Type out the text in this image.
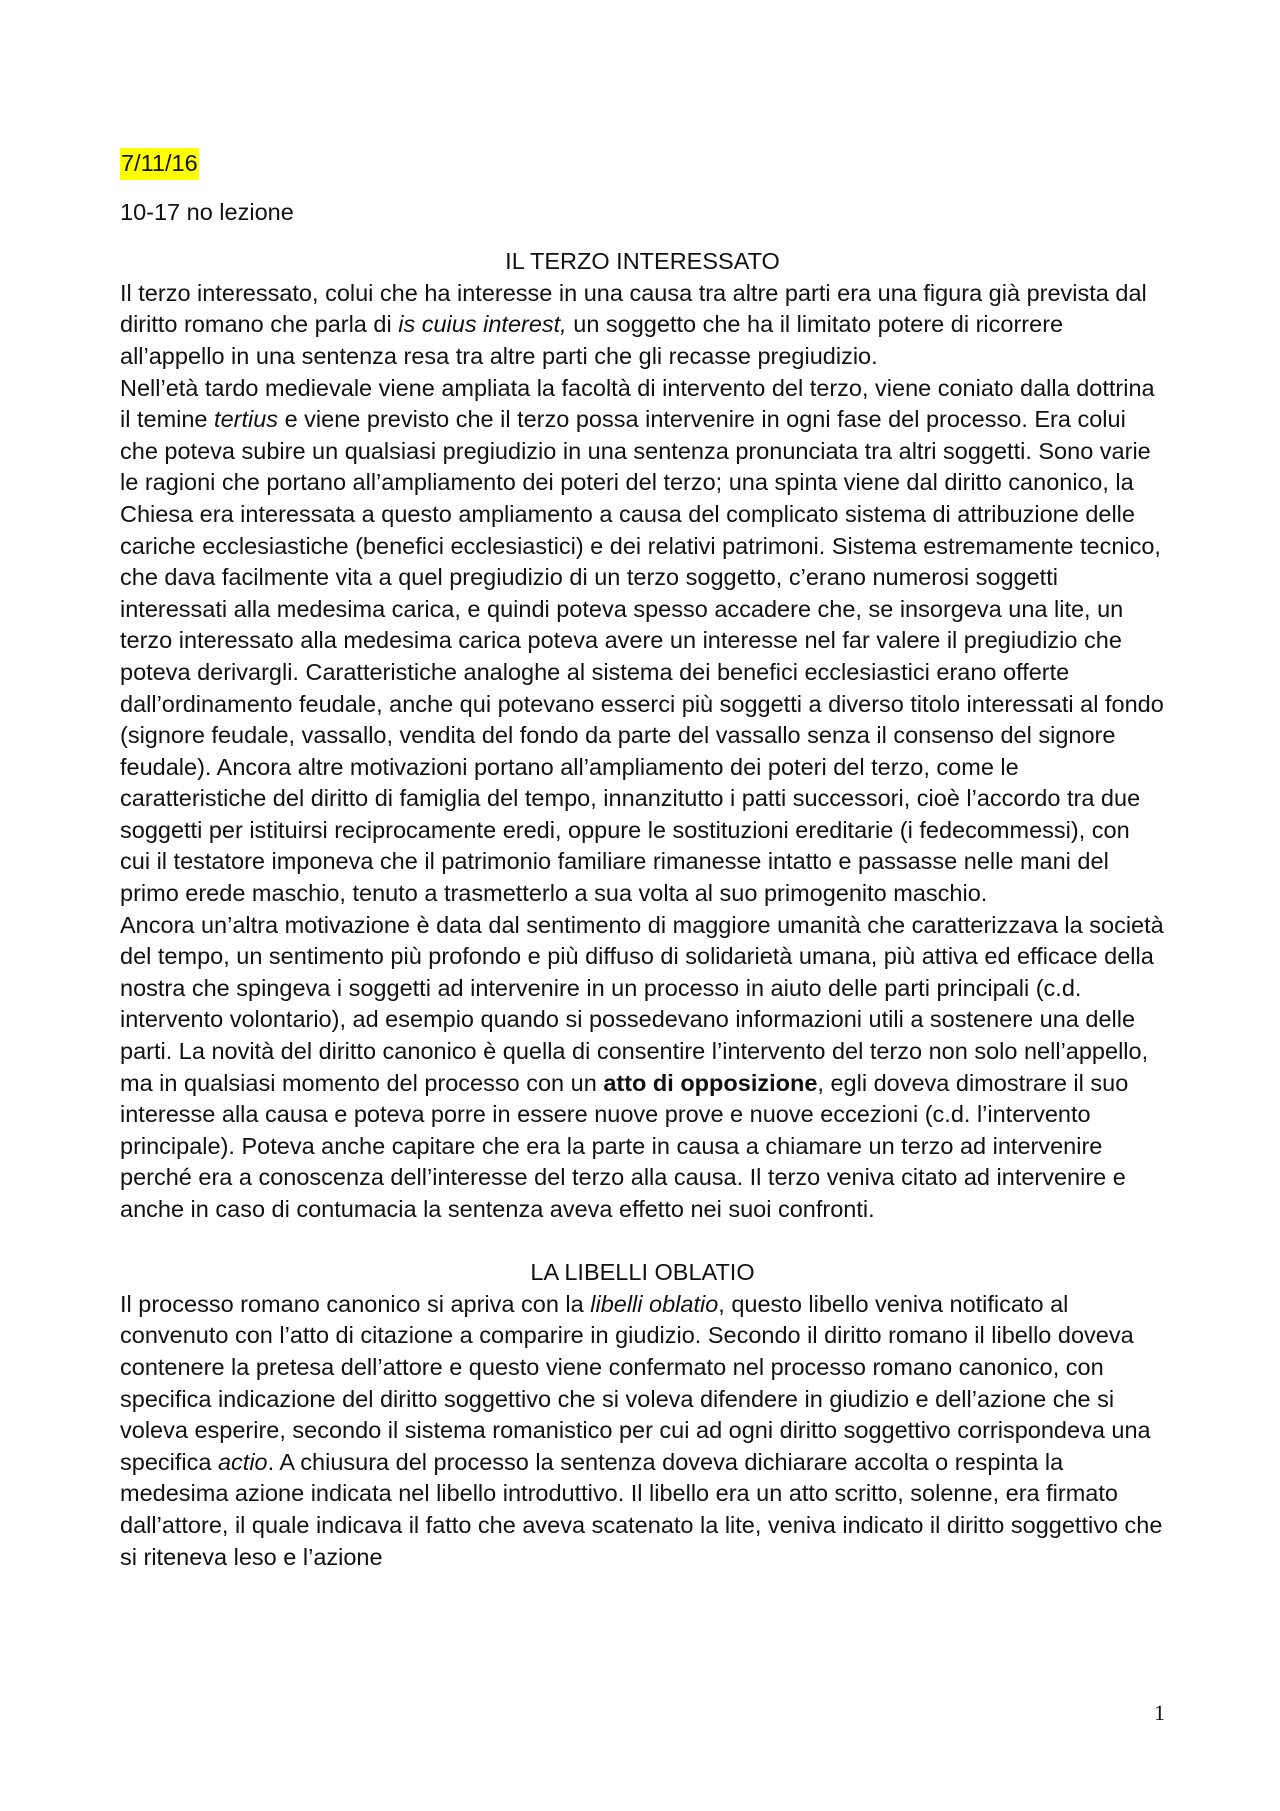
7/11/16

10-17 no lezione

IL TERZO INTERESSATO

Il terzo interessato, colui che ha interesse in una causa tra altre parti era una figura già prevista dal diritto romano che parla di is cuius interest, un soggetto che ha il limitato potere di ricorrere all’appello in una sentenza resa tra altre parti che gli recasse pregiudizio.

Nell’età tardo medievale viene ampliata la facoltà di intervento del terzo, viene coniato dalla dottrina il temine tertius e viene previsto che il terzo possa intervenire in ogni fase del processo. Era colui che poteva subire un qualsiasi pregiudizio in una sentenza pronunciata tra altri soggetti. Sono varie le ragioni che portano all’ampliamento dei poteri del terzo; una spinta viene dal diritto canonico, la Chiesa era interessata a questo ampliamento a causa del complicato sistema di attribuzione delle cariche ecclesiastiche (benefici ecclesiastici) e dei relativi patrimoni. Sistema estremamente tecnico, che dava facilmente vita a quel pregiudizio di un terzo soggetto, c’erano numerosi soggetti interessati alla medesima carica, e quindi poteva spesso accadere che, se insorgeva una lite, un terzo interessato alla medesima carica poteva avere un interesse nel far valere il pregiudizio che poteva derivargli. Caratteristiche analoghe al sistema dei benefici ecclesiastici erano offerte dall’ordinamento feudale, anche qui potevano esserci più soggetti a diverso titolo interessati al fondo (signore feudale, vassallo, vendita del fondo da parte del vassallo senza il consenso del signore feudale). Ancora altre motivazioni portano all’ampliamento dei poteri del terzo, come le caratteristiche del diritto di famiglia del tempo, innanzitutto i patti successori, cioè l’accordo tra due soggetti per istituirsi reciprocamente eredi, oppure le sostituzioni ereditarie (i fedecommessi), con cui il testatore imponeva che il patrimonio familiare rimanesse intatto e passasse nelle mani del primo erede maschio, tenuto a trasmetterlo a sua volta al suo primogenito maschio.

Ancora un’altra motivazione è data dal sentimento di maggiore umanità che caratterizzava la società del tempo, un sentimento più profondo e più diffuso di solidarietà umana, più attiva ed efficace della nostra che spingeva i soggetti ad intervenire in un processo in aiuto delle parti principali (c.d. intervento volontario), ad esempio quando si possedevano informazioni utili a sostenere una delle parti. La novità del diritto canonico è quella di consentire l’intervento del terzo non solo nell’appello, ma in qualsiasi momento del processo con un atto di opposizione, egli doveva dimostrare il suo interesse alla causa e poteva porre in essere nuove prove e nuove eccezioni (c.d. l’intervento principale). Poteva anche capitare che era la parte in causa a chiamare un terzo ad intervenire perché era a conoscenza dell’interesse del terzo alla causa. Il terzo veniva citato ad intervenire e anche in caso di contumacia la sentenza aveva effetto nei suoi confronti.

LA LIBELLI OBLATIO

Il processo romano canonico si apriva con la libelli oblatio, questo libello veniva notificato al convenuto con l’atto di citazione a comparire in giudizio. Secondo il diritto romano il libello doveva contenere la pretesa dell’attore e questo viene confermato nel processo romano canonico, con specifica indicazione del diritto soggettivo che si voleva difendere in giudizio e dell’azione che si voleva esperire, secondo il sistema romanistico per cui ad ogni diritto soggettivo corrispondeva una specifica actio. A chiusura del processo la sentenza doveva dichiarare accolta o respinta la medesima azione indicata nel libello introduttivo. Il libello era un atto scritto, solenne, era firmato dall’attore, il quale indicava il fatto che aveva scatenato la lite, veniva indicato il diritto soggettivo che si riteneva leso e l’azione

1
